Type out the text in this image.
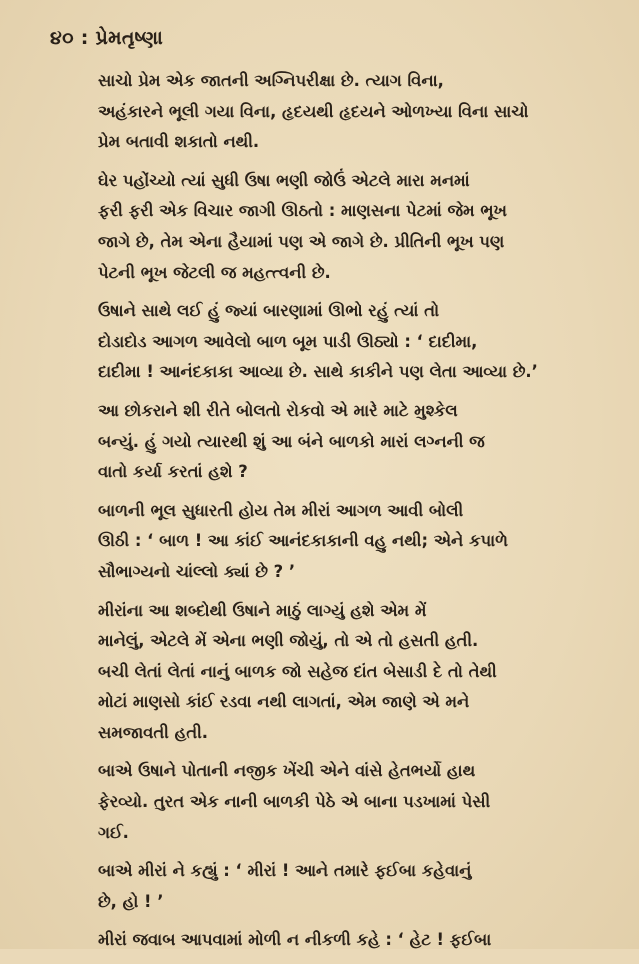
૪૦ : પ્રેમતૃષ્ણા

સાચો પ્રેમ એક જાતની અગ્નિપરીક્ષા છે. ત્યાગ વિના,
અહંકારને ભૂલી ગયા વિના, હૃદયથી હૃદયને ઓળખ્યા વિના સાચો
પ્રેમ બતાવી શકાતો નથી.

ઘેર પહોંચ્યો ત્યાં સુધી ઉષા ભણી જોઉં એટલે મારા મનમાં
ફરી ફરી એક વિચાર જાગી ઊઠતો : માણસના પેટમાં જેમ ભૂખ
જાગે છે, તેમ એના હૈયામાં પણ એ જાગે છે. પ્રીતિની ભૂખ પણ
પેટની ભૂખ જેટલી જ મહત્ત્વની છે.

ઉષાને સાથે લઈ હું જ્યાં બારણામાં ઊભો રહું ત્યાં તો
દોડાદોડ આગળ આવેલો બાળ બૂમ પાડી ઊઠ્યો : ‘ દાદીમા,
દાદીમા ! આનંદકાકા આવ્યા છે. સાથે કાકીને પણ લેતા આવ્યા છે.’

આ છોકરાને શી રીતે બોલતો રોકવો એ મારે માટે મુશ્કેલ
બન્યું. હું ગયો ત્યારથી શું આ બંને બાળકો મારાં લગ્નની જ
વાતો કર્યા કરતાં હશે ?

બાળની ભૂલ સુધારતી હોય તેમ મીરાં આગળ આવી બોલી
ઊઠી : ‘ બાળ ! આ કાંઈ આનંદકાકાની વહુ નથી; એને કપાળે
સૌભાગ્યનો ચાંલ્લો ક્યાં છે ? ’

મીરાંના આ શબ્દોથી ઉષાને માઠું લાગ્યું હશે એમ મેં
માનેલું, એટલે મેં એના ભણી જોયું, તો એ તો હસતી હતી.
બચી લેતાં લેતાં નાનું બાળક જો સહેજ દાંત બેસાડી દે તો તેથી
મોટાં માણસો કાંઈ રડવા નથી લાગતાં, એમ જાણે એ મને
સમજાવતી હતી.

બાએ ઉષાને પોતાની નજીક ખેંચી એને વાંસે હેતભર્યો હાથ
ફેરવ્યો. તુરત એક નાની બાળકી પેઠે એ બાના પડખામાં પેસી
ગઈ.

બાએ મીરાં ને કહ્યું : ‘ મીરાં ! આને તમારે ફઈબા કહેવાનું
છે, હો ! ’

મીરાં જવાબ આપવામાં મોળી ન નીકળી કહે : ‘ હેટ ! ફઈબા
